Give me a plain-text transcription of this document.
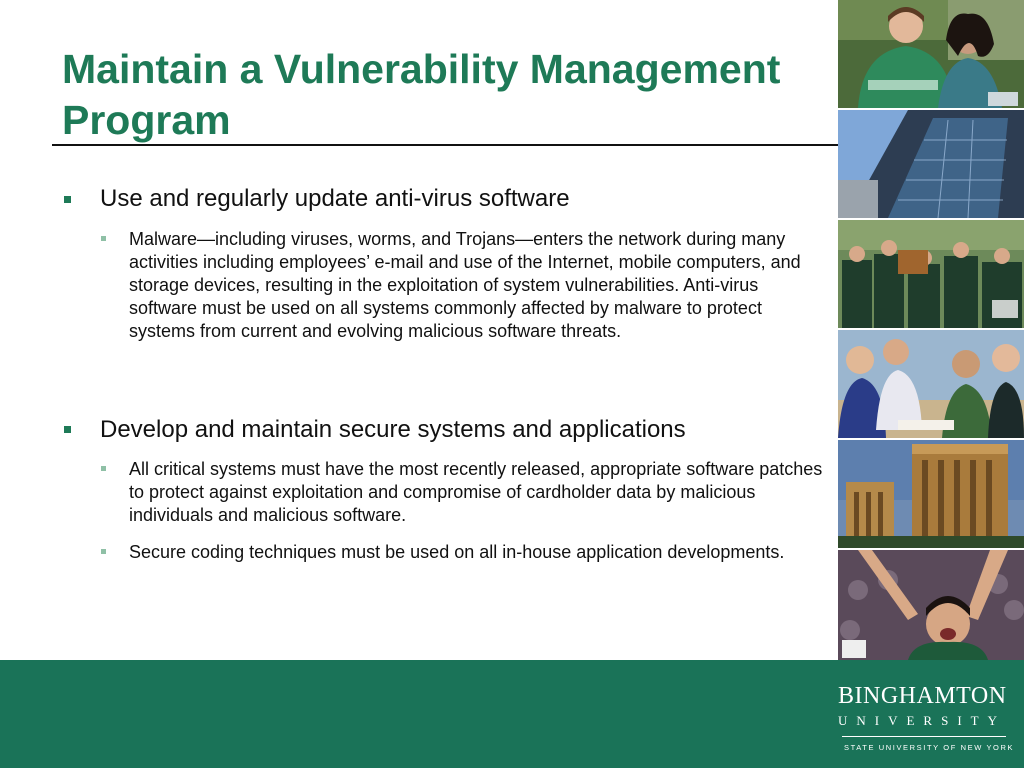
Maintain a Vulnerability Management Program
Use and regularly update anti-virus software
Malware—including viruses, worms, and Trojans—enters the network during many activities including employees’ e-mail and use of the Internet, mobile computers, and storage devices, resulting in the exploitation of system vulnerabilities. Anti-virus software must be used on all systems commonly affected by malware to protect systems from current and evolving malicious software threats.
Develop and maintain secure systems and applications
All critical systems must have the most recently released, appropriate software patches to protect against exploitation and compromise of cardholder data by malicious individuals and malicious software.
Secure coding techniques must be used on all in-house application developments.
BINGHAMTON
UNIVERSITY
STATE UNIVERSITY OF NEW YORK
